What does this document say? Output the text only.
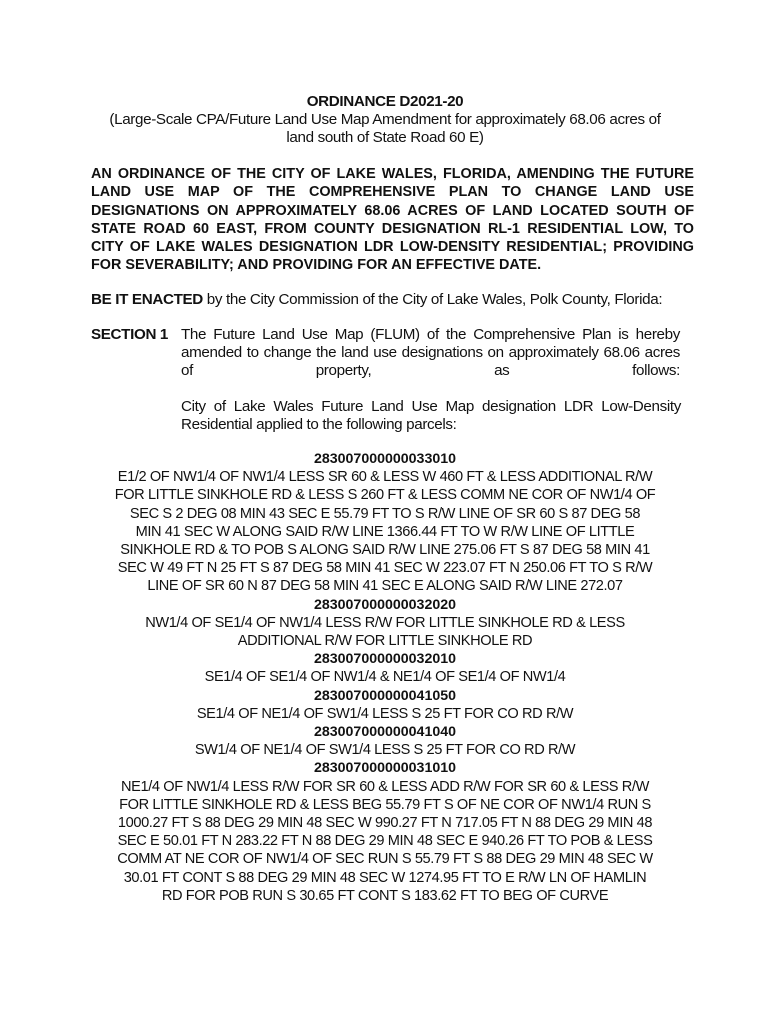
ORDINANCE D2021-20
(Large-Scale CPA/Future Land Use Map Amendment for approximately 68.06 acres of
land south of State Road 60 E)
AN ORDINANCE OF THE CITY OF LAKE WALES, FLORIDA, AMENDING THE FUTURE LAND USE MAP OF THE COMPREHENSIVE PLAN TO CHANGE LAND USE DESIGNATIONS ON APPROXIMATELY 68.06 ACRES OF LAND LOCATED SOUTH OF STATE ROAD 60 EAST, FROM COUNTY DESIGNATION RL-1 RESIDENTIAL LOW, TO CITY OF LAKE WALES DESIGNATION LDR LOW-DENSITY RESIDENTIAL; PROVIDING FOR SEVERABILITY; AND PROVIDING FOR AN EFFECTIVE DATE.
BE IT ENACTED by the City Commission of the City of Lake Wales, Polk County, Florida:
SECTION 1 The Future Land Use Map (FLUM) of the Comprehensive Plan is hereby amended to change the land use designations on approximately 68.06 acres of property, as follows:
City of Lake Wales Future Land Use Map designation LDR Low-Density Residential applied to the following parcels:
283007000000033010
E1/2 OF NW1/4 OF NW1/4 LESS SR 60 & LESS W 460 FT & LESS ADDITIONAL R/W
FOR LITTLE SINKHOLE RD & LESS S 260 FT & LESS COMM NE COR OF NW1/4 OF
SEC S 2 DEG 08 MIN 43 SEC E 55.79 FT TO S R/W LINE OF SR 60 S 87 DEG 58
MIN 41 SEC W ALONG SAID R/W LINE 1366.44 FT TO W R/W LINE OF LITTLE
SINKHOLE RD & TO POB S ALONG SAID R/W LINE 275.06 FT S 87 DEG 58 MIN 41
SEC W 49 FT N 25 FT S 87 DEG 58 MIN 41 SEC W 223.07 FT N 250.06 FT TO S R/W
LINE OF SR 60 N 87 DEG 58 MIN 41 SEC E ALONG SAID R/W LINE 272.07
283007000000032020
NW1/4 OF SE1/4 OF NW1/4 LESS R/W FOR LITTLE SINKHOLE RD & LESS
ADDITIONAL R/W FOR LITTLE SINKHOLE RD
283007000000032010
SE1/4 OF SE1/4 OF NW1/4 & NE1/4 OF SE1/4 OF NW1/4
283007000000041050
SE1/4 OF NE1/4 OF SW1/4 LESS S 25 FT FOR CO RD R/W
283007000000041040
SW1/4 OF NE1/4 OF SW1/4 LESS S 25 FT FOR CO RD R/W
283007000000031010
NE1/4 OF NW1/4 LESS R/W FOR SR 60 & LESS ADD R/W FOR SR 60 & LESS R/W
FOR LITTLE SINKHOLE RD & LESS BEG 55.79 FT S OF NE COR OF NW1/4 RUN S
1000.27 FT S 88 DEG 29 MIN 48 SEC W 990.27 FT N 717.05 FT N 88 DEG 29 MIN 48
SEC E 50.01 FT N 283.22 FT N 88 DEG 29 MIN 48 SEC E 940.26 FT TO POB & LESS
COMM AT NE COR OF NW1/4 OF SEC RUN S 55.79 FT S 88 DEG 29 MIN 48 SEC W
30.01 FT CONT S 88 DEG 29 MIN 48 SEC W 1274.95 FT TO E R/W LN OF HAMLIN
RD FOR POB RUN S 30.65 FT CONT S 183.62 FT TO BEG OF CURVE
